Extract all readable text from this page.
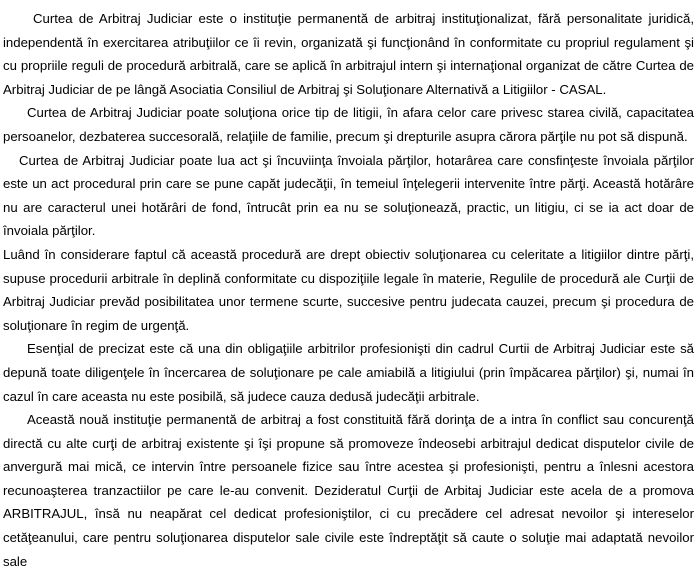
Curtea de Arbitraj Judiciar este o instituţie permanentă de arbitraj instituţionalizat, fără personalitate juridică, independentă în exercitarea atribuţiilor ce îi revin, organizată şi funcţionând în conformitate cu propriul regulament şi cu propriile reguli de procedură arbitrală, care se aplică în arbitrajul intern şi internaţional organizat de către Curtea de Arbitraj Judiciar de pe lângă Asociatia Consiliul de Arbitraj şi Soluţionare Alternativă a Litigiilor - CASAL.

Curtea de Arbitraj Judiciar poate soluţiona orice tip de litigii, în afara celor care privesc starea civilă, capacitatea persoanelor, dezbaterea succesorală, relaţiile de familie, precum şi drepturile asupra cărora părţile nu pot să dispună.

Curtea de Arbitraj Judiciar poate lua act şi încuviinţa învoiala părţilor, hotarârea care consfinţeste învoiala părţilor este un act procedural prin care se pune capăt judecăţii, în temeiul înţelegerii intervenite între părţi. Această hotărâre nu are caracterul unei hotărâri de fond, întrucât prin ea nu se soluţionează, practic, un litigiu, ci se ia act doar de învoiala părţilor.

Luând în considerare faptul că această procedură are drept obiectiv soluţionarea cu celeritate a litigiilor dintre părţi, supuse procedurii arbitrale în deplină conformitate cu dispoziţiile legale în materie, Regulile de procedură ale Curţii de Arbitraj Judiciar prevăd posibilitatea unor termene scurte, succesive pentru judecata cauzei, precum şi procedura de soluţionare în regim de urgenţă.

Esenţial de precizat este că una din obligaţiile arbitrilor profesionişti din cadrul Curtii de Arbitraj Judiciar este să depună toate diligenţele în încercarea de soluţionare pe cale amiabilă a litigiului (prin împăcarea părţilor) şi, numai în cazul în care aceasta nu este posibilă, să judece cauza dedusă judecăţii arbitrale.

Această nouă instituţie permanentă de arbitraj a fost constituită fără dorinţa de a intra în conflict sau concurenţă directă cu alte curţi de arbitraj existente şi îşi propune să promoveze îndeosebi arbitrajul dedicat disputelor civile de anvergură mai mică, ce intervin între persoanele fizice sau între acestea şi profesionişti, pentru a înlesni acestora recunoaşterea tranzactiilor pe care le-au convenit. Dezideratul Curţii de Arbitaj Judiciar este acela de a promova ARBITRAJUL, însă nu neapărat cel dedicat profesioniştilor, ci cu precădere cel adresat nevoilor şi intereselor cetăţeanului, care pentru soluţionarea disputelor sale civile este îndreptăţit să caute o soluţie mai adaptată nevoilor sale
